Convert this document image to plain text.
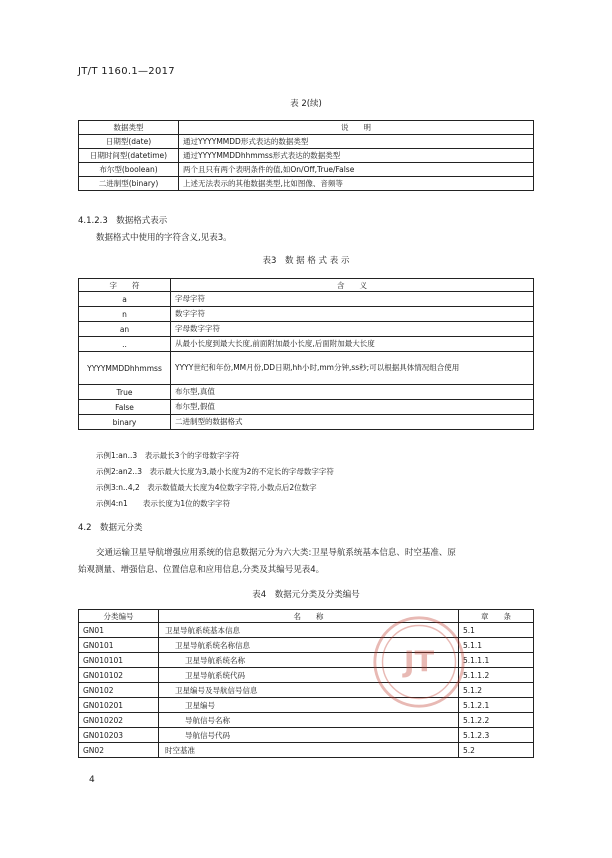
JT/T 1160.1—2017
表 2(续)
数据类型	说　　明
日期型(date)	通过YYYYMMDD形式表达的数据类型
日期时间型(datetime)	通过YYYYMMDDhhmmss形式表达的数据类型
布尔型(boolean)	两个且只有两个表明条件的值,如On/Off,True/False
二进制型(binary)	上述无法表示的其他数据类型,比如图像、音频等
4.1.2.3　数据格式表示
数据格式中使用的字符含义,见表3。
表3　数 据 格 式 表 示
字　　符	含　　义
a	字母字符
n	数字字符
an	字母数字字符
..	从最小长度到最大长度,前面附加最小长度,后面附加最大长度
YYYYMMDDhhmmss	YYYY世纪和年份,MM月份,DD日期,hh小时,mm分钟,ss秒;可以根据具体情况组合使用
True	布尔型,真值
False	布尔型,假值
binary	二进制型的数据格式
示例1:an..3　表示最长3个的字母数字字符
示例2:an2..3　表示最大长度为3,最小长度为2的不定长的字母数字字符
示例3:n..4,2　表示数值最大长度为4位数字字符,小数点后2位数字
示例4:n1　　表示长度为1位的数字字符
4.2　数据元分类
交通运输卫星导航增强应用系统的信息数据元分为六大类:卫星导航系统基本信息、时空基准、原
始观测量、增强信息、位置信息和应用信息,分类及其编号见表4。
表4　数据元分类及分类编号
分类编号	名　　称	章　　条
GN01	卫星导航系统基本信息	5.1
GN0101	卫星导航系统名称信息	5.1.1
GN010101	卫星导航系统名称	5.1.1.1
GN010102	卫星导航系统代码	5.1.1.2
GN0102	卫星编号及导航信号信息	5.1.2
GN010201	卫星编号	5.1.2.1
GN010202	导航信号名称	5.1.2.2
GN010203	导航信号代码	5.1.2.3
GN02	时空基准	5.2
JT
4
